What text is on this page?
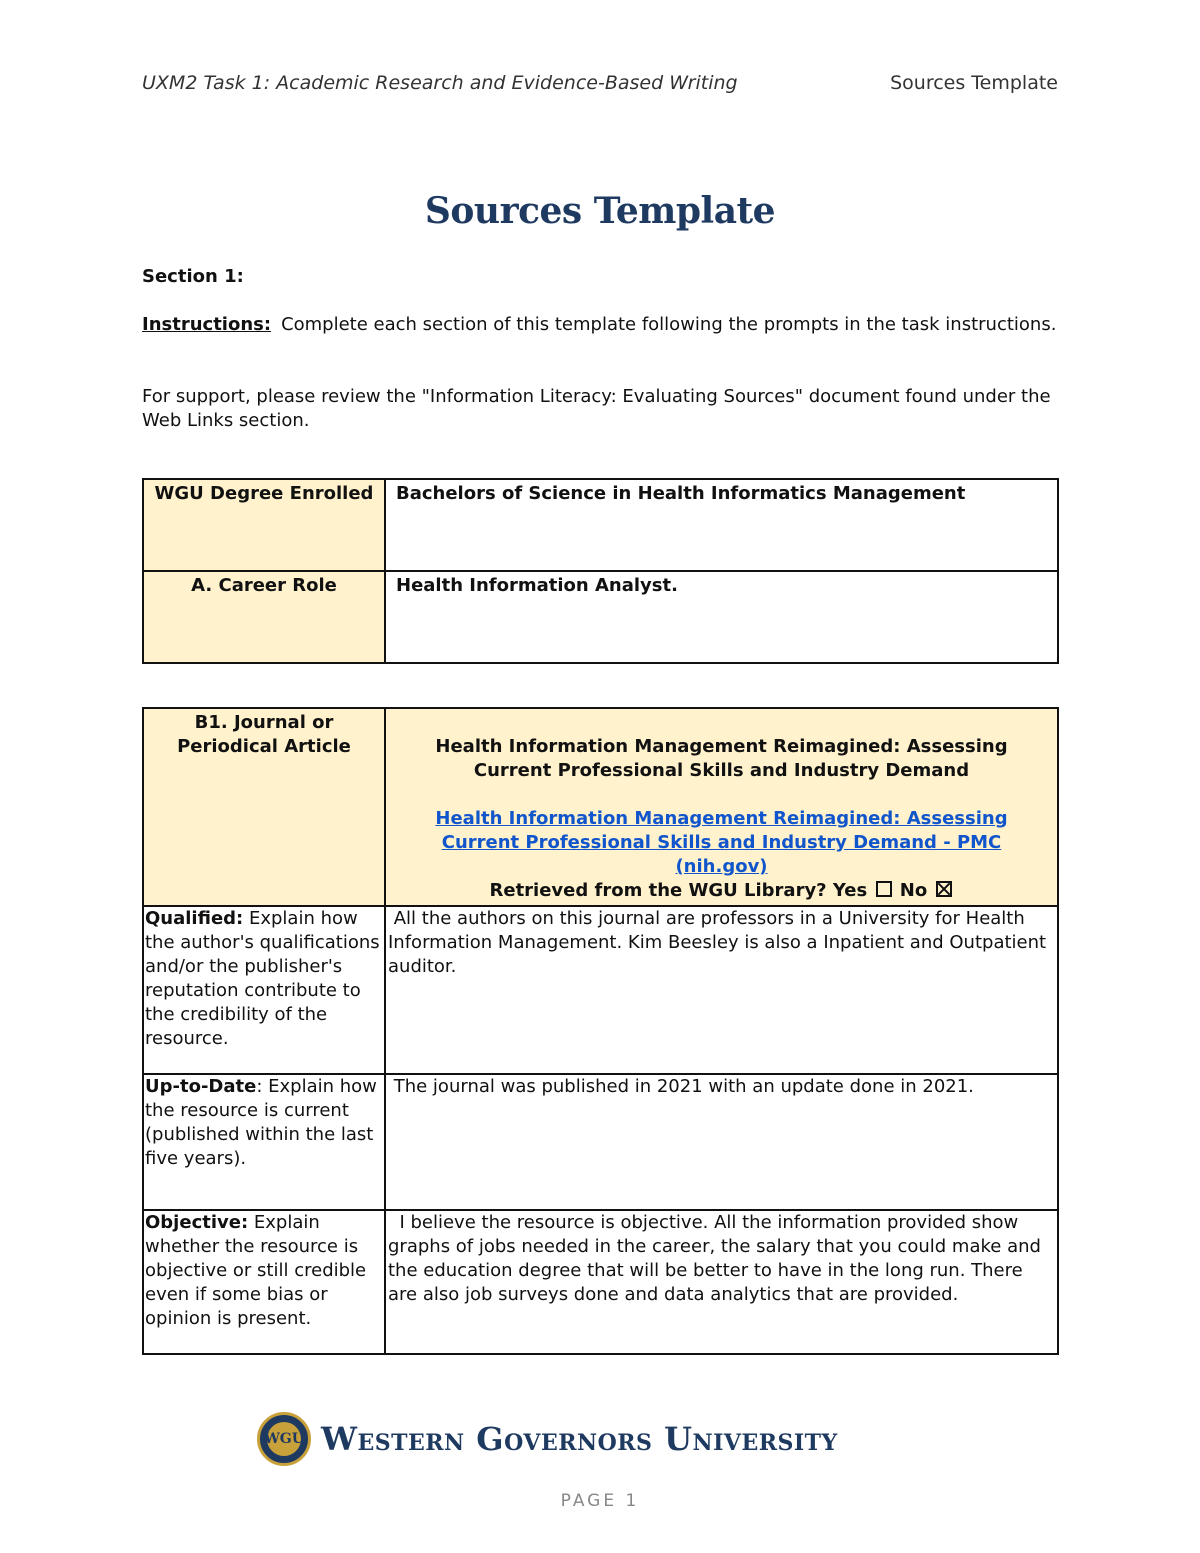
UXM2 Task 1: Academic Research and Evidence-Based Writing	Sources Template
Sources Template
Section 1:
Instructions: Complete each section of this template following the prompts in the task instructions.
For support, please review the "Information Literacy: Evaluating Sources" document found under the Web Links section.
WGU Degree Enrolled	Bachelors of Science in Health Informatics Management
A. Career Role	Health Information Analyst.
B1. Journal or Periodical Article	Health Information Management Reimagined: Assessing Current Professional Skills and Industry Demand
Health Information Management Reimagined: Assessing Current Professional Skills and Industry Demand - PMC (nih.gov)
Retrieved from the WGU Library? Yes No

Qualified: Explain how the author's qualifications and/or the publisher's reputation contribute to the credibility of the resource.	All the authors on this journal are professors in a University for Health Information Management. Kim Beesley is also a Inpatient and Outpatient auditor.
Up-to-Date: Explain how the resource is current (published within the last five years).	The journal was published in 2021 with an update done in 2021.
Objective: Explain whether the resource is objective or still credible even if some bias or opinion is present.	I believe the resource is objective. All the information provided show graphs of jobs needed in the career, the salary that you could make and the education degree that will be better to have in the long run. There are also job surveys done and data analytics that are provided.
WGU Western Governors University
PAGE 1
